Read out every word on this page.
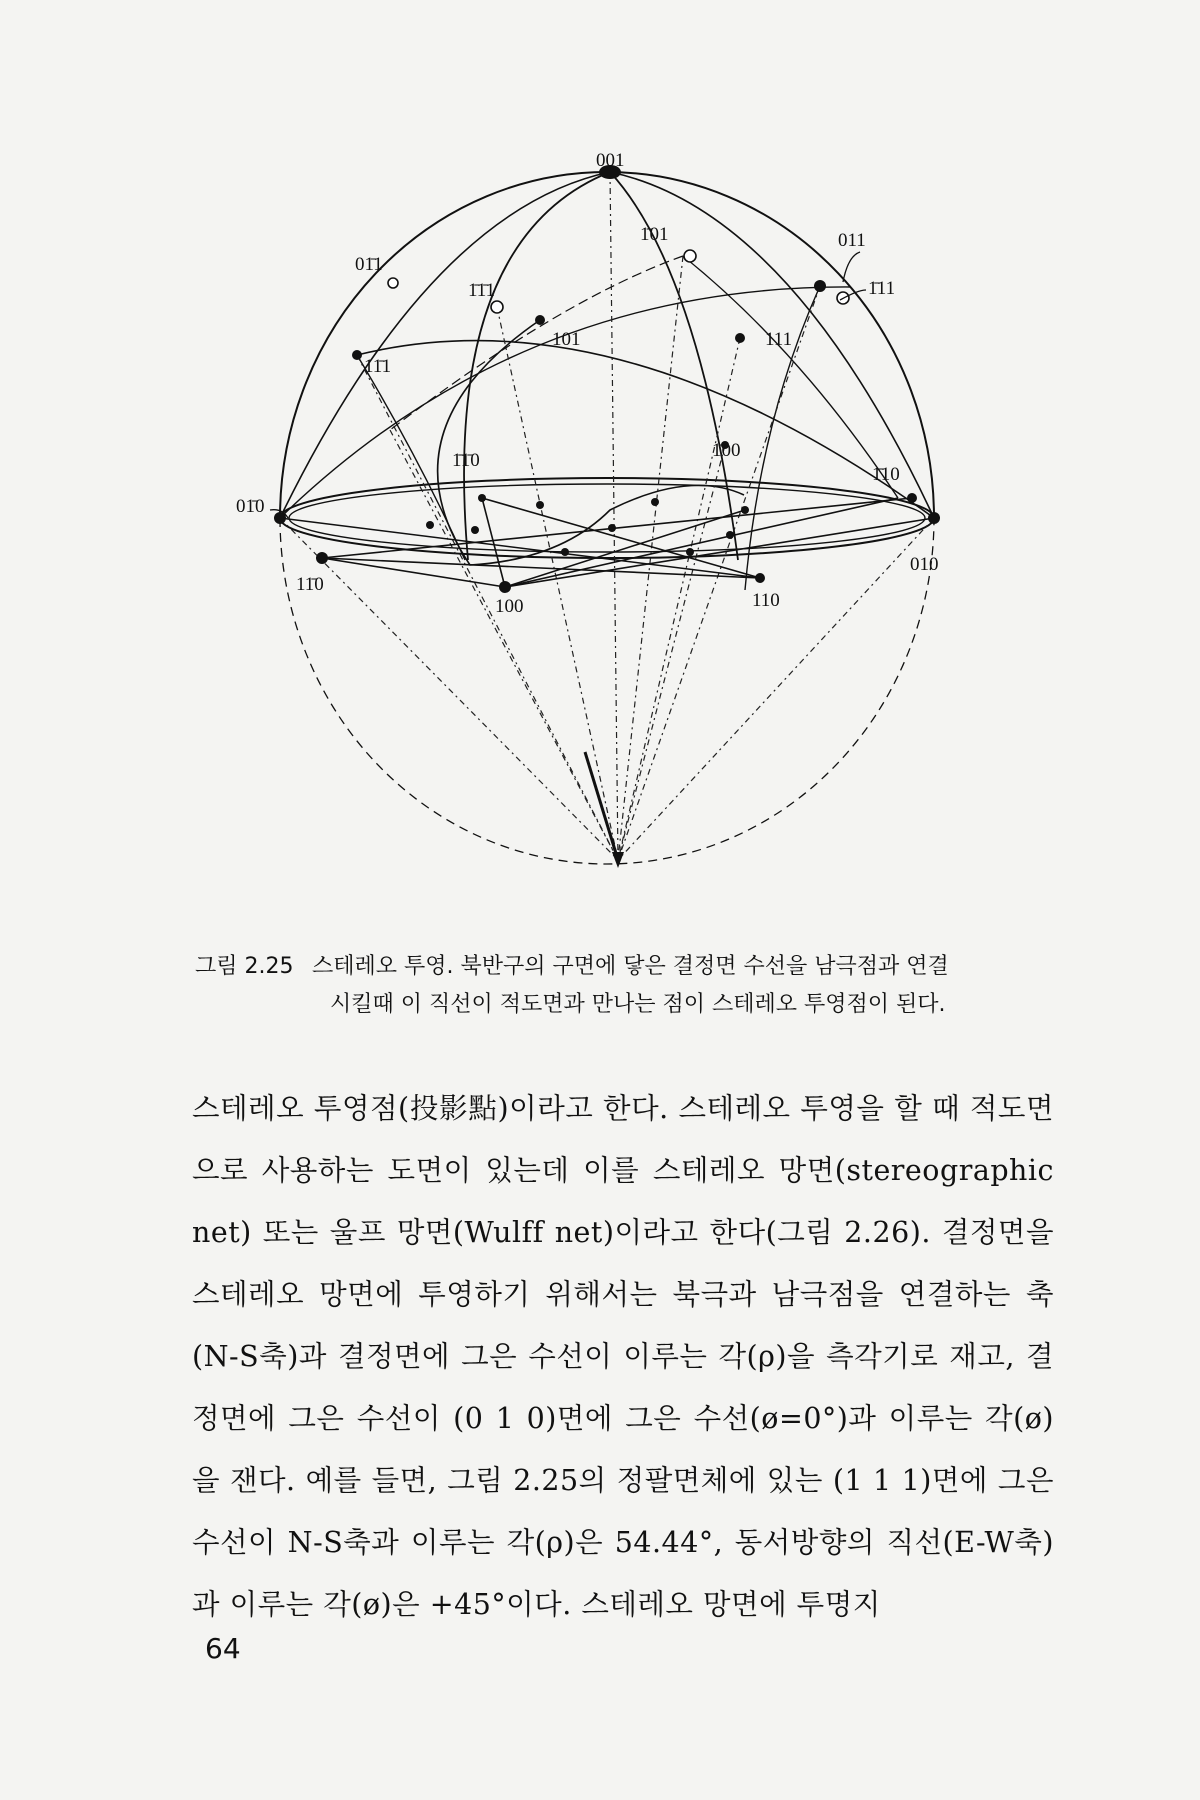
001
1̄01	011
01̄1
1̄1̄1	1̄11
101	111
11̄1
1̄1̄0	1̄00
1̄10
01̄0
010
11̄0
100	110
그림 2.25 스테레오 투영. 북반구의 구면에 닿은 결정면 수선을 남극점과 연결
시킬때 이 직선이 적도면과 만나는 점이 스테레오 투영점이 된다.
스테레오 투영점(投影點)이라고 한다. 스테레오 투영을 할 때 적도면으로 사용하는 도면이 있는데 이를 스테레오 망면(stereographic net) 또는 울프 망면(Wulff net)이라고 한다(그림 2.26). 결정면을 스테레오 망면에 투영하기 위해서는 북극과 남극점을 연결하는 축(N-S축)과 결정면에 그은 수선이 이루는 각(ρ)을 측각기로 재고, 결정면에 그은 수선이 (0 1 0)면에 그은 수선(ø=0°)과 이루는 각(ø)을 잰다. 예를 들면, 그림 2.25의 정팔면체에 있는 (1 1 1)면에 그은 수선이 N-S축과 이루는 각(ρ)은 54.44°, 동서방향의 직선(E-W축)과 이루는 각(ø)은 +45°이다. 스테레오 망면에 투명지
64
